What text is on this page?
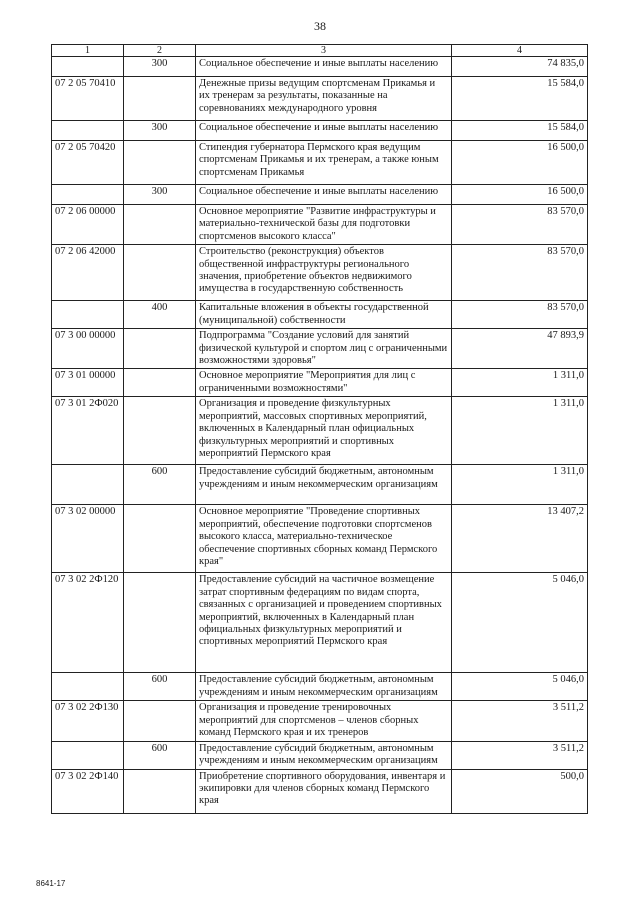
38
1	2	3	4
	300	Социальное обеспечение и иные выплаты населению	74 835,0
07 2 05 70410		Денежные призы ведущим спортсменам Прикамья и их тренерам за результаты, показанные на соревнованиях международного уровня	15 584,0
	300	Социальное обеспечение и иные выплаты населению	15 584,0
07 2 05 70420		Стипендия губернатора Пермского края ведущим спортсменам Прикамья и их тренерам, а также юным спортсменам Прикамья	16 500,0
	300	Социальное обеспечение и иные выплаты населению	16 500,0
07 2 06 00000		Основное мероприятие "Развитие инфраструктуры и материально-технической базы для подготовки спортсменов высокого класса"	83 570,0
07 2 06 42000		Строительство (реконструкция) объектов общественной инфраструктуры регионального значения, приобретение объектов недвижимого имущества в государственную собственность	83 570,0
	400	Капитальные вложения в объекты государственной (муниципальной) собственности	83 570,0
07 3 00 00000		Подпрограмма "Создание условий для занятий физической культурой и спортом лиц с ограниченными возможностями здоровья"	47 893,9
07 3 01 00000		Основное мероприятие "Мероприятия для лиц с ограниченными возможностями"	1 311,0
07 3 01 2Ф020		Организация и проведение физкультурных мероприятий, массовых спортивных мероприятий, включенных в Календарный план официальных физкультурных мероприятий и спортивных мероприятий Пермского края	1 311,0
	600	Предоставление субсидий бюджетным, автономным учреждениям и иным некоммерческим организациям	1 311,0
07 3 02 00000		Основное мероприятие "Проведение спортивных мероприятий, обеспечение подготовки спортсменов высокого класса, материально-техническое обеспечение спортивных сборных команд Пермского края"	13 407,2
07 3 02 2Ф120		Предоставление субсидий на частичное возмещение затрат спортивным федерациям по видам спорта, связанных с организацией и проведением спортивных мероприятий, включенных в Календарный план официальных физкультурных мероприятий и спортивных мероприятий Пермского края	5 046,0
	600	Предоставление субсидий бюджетным, автономным учреждениям и иным некоммерческим организациям	5 046,0
07 3 02 2Ф130		Организация и проведение тренировочных мероприятий для спортсменов – членов сборных команд Пермского края и их тренеров	3 511,2
	600	Предоставление субсидий бюджетным, автономным учреждениям и иным некоммерческим организациям	3 511,2
07 3 02 2Ф140		Приобретение спортивного оборудования, инвентаря и экипировки для членов сборных команд Пермского края	500,0
8641-17
